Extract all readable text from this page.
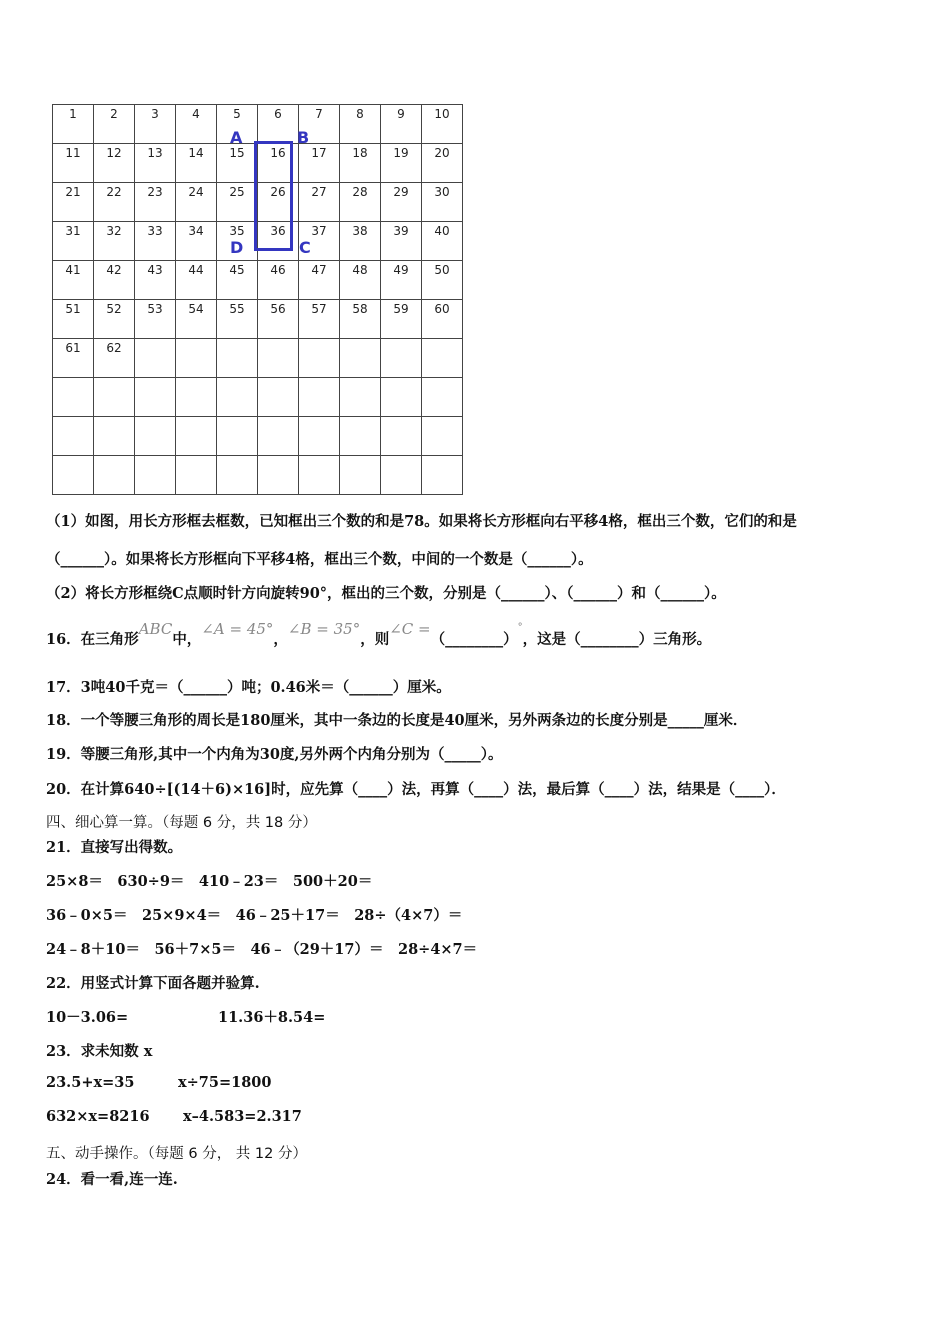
1	2	3	4	5	6	7	8	9	10
11	12	13	14	15	16	17	18	19	20
21	22	23	24	25	26	27	28	29	30
31	32	33	34	35	36	37	38	39	40
41	42	43	44	45	46	47	48	49	50
51	52	53	54	55	56	57	58	59	60
61	62								

A	B
D	C
（1）如图，用长方形框去框数，已知框出三个数的和是78。如果将长方形框向右平移4格，框出三个数，它们的和是
（______）。如果将长方形框向下平移4格，框出三个数，中间的一个数是（______）。
（2）将长方形框绕C点顺时针方向旋转90°，框出的三个数，分别是（______）、（______）和（______）。
16．在三角形ABC中，∠A = 45°，∠B = 35°，则∠C =（________）°，这是（________）三角形。
17．3吨40千克＝（______）吨；0.46米＝（______）厘米。
18．一个等腰三角形的周长是180厘米，其中一条边的长度是40厘米，另外两条边的长度分别是_____厘米．
19．等腰三角形,其中一个内角为30度,另外两个内角分别为（_____）。
20．在计算640÷[(14＋6)×16]时，应先算（____）法，再算（____）法，最后算（____）法，结果是（____）．
四、细心算一算。（每题 6 分，共 18 分）
21．直接写出得数。
25×8＝　630÷9＝　410﹣23＝　500＋20＝
36﹣0×5＝　25×9×4＝　46﹣25＋17＝　28÷（4×7）＝
24﹣8＋10＝　56＋7×5＝　46﹣（29＋17）＝　28÷4×7＝
22．用竖式计算下面各题并验算.
10－3.06=	11.36＋8.54=
23．求未知数 x
23.5+x=35	x÷75=1800
632×x=8216 x–4.583=2.317
五、动手操作。（每题 6 分， 共 12 分）
24．看一看,连一连.
